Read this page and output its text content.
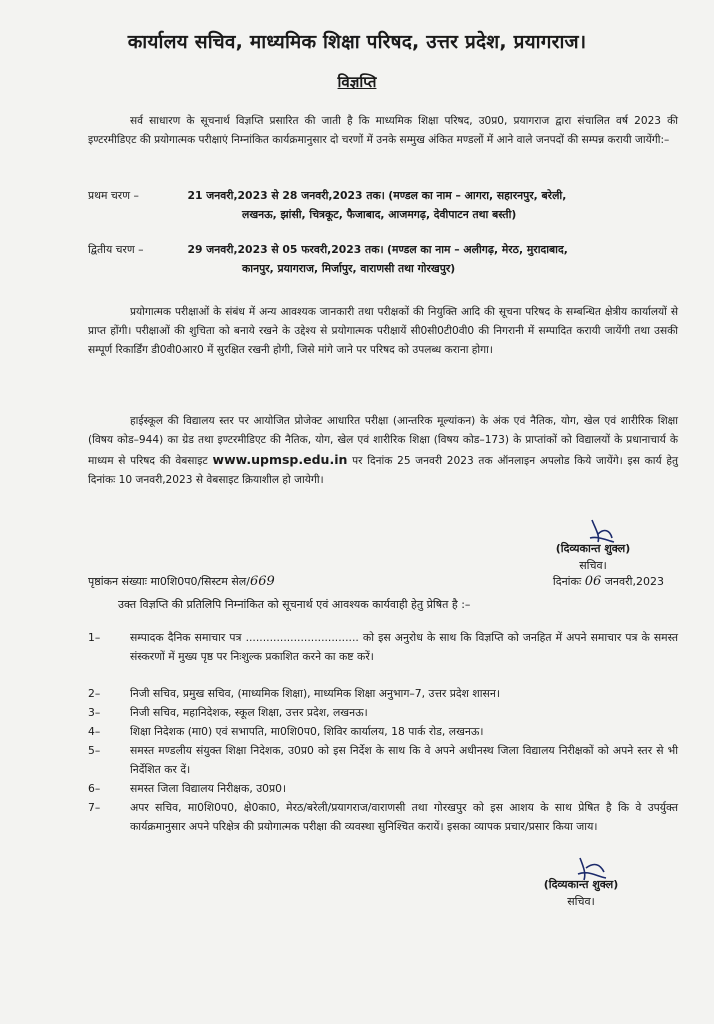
कार्यालय सचिव, माध्यमिक शिक्षा परिषद, उत्तर प्रदेश, प्रयागराज।
विज्ञप्ति
सर्व साधारण के सूचनार्थ विज्ञप्ति प्रसारित की जाती है कि माध्यमिक शिक्षा परिषद, उ0प्र0, प्रयागराज द्वारा संचालित वर्ष 2023 की इण्टरमीडिएट की प्रयोगात्मक परीक्षाएं निम्नांकित कार्यक्रमानुसार दो चरणों में उनके सम्मुख अंकित मण्डलों में आने वाले जनपदों की सम्पन्न करायी जायेंगी:–
प्रथम चरण –	21 जनवरी,2023 से 28 जनवरी,2023 तक। (मण्डल का नाम – आगरा, सहारनपुर, बरेली,
लखनऊ, झांसी, चित्रकूट, फैजाबाद, आजमगढ़, देवीपाटन तथा बस्ती)
द्वितीय चरण –	29 जनवरी,2023 से 05 फरवरी,2023 तक। (मण्डल का नाम – अलीगढ़, मेरठ, मुरादाबाद,
कानपुर, प्रयागराज, मिर्जापुर, वाराणसी तथा गोरखपुर)
प्रयोगात्मक परीक्षाओं के संबंध में अन्य आवश्यक जानकारी तथा परीक्षकों की नियुक्ति आदि की सूचना परिषद के सम्बन्धित क्षेत्रीय कार्यालयों से प्राप्त होंगी। परीक्षाओं की शुचिता को बनाये रखने के उद्देश्य से प्रयोगात्मक परीक्षायें सी0सी0टी0वी0 की निगरानी में सम्पादित करायी जायेंगी तथा उसकी सम्पूर्ण रिकार्डिंग डी0वी0आर0 में सुरक्षित रखनी होगी, जिसे मांगे जाने पर परिषद को उपलब्ध कराना होगा।
हाईस्कूल की विद्यालय स्तर पर आयोजित प्रोजेक्ट आधारित परीक्षा (आन्तरिक मूल्यांकन) के अंक एवं नैतिक, योग, खेल एवं शारीरिक शिक्षा (विषय कोड–944) का ग्रेड तथा इण्टरमीडिएट की नैतिक, योग, खेल एवं शारीरिक शिक्षा (विषय कोड–173) के प्राप्तांकों को विद्यालयों के प्रधानाचार्य के माध्यम से परिषद की वेबसाइट www.upmsp.edu.in पर दिनांक 25 जनवरी 2023 तक ऑनलाइन अपलोड किये जायेंगे। इस कार्य हेतु दिनांकः 10 जनवरी,2023 से वेबसाइट क्रियाशील हो जायेगी।
(दिव्यकान्त शुक्ल)
सचिव।
पृष्ठांकन संख्याः मा0शि0प0/सिस्टम सेल/669	दिनांकः 06 जनवरी,2023
उक्त विज्ञप्ति की प्रतिलिपि निम्नांकित को सूचनार्थ एवं आवश्यक कार्यवाही हेतु प्रेषित है :–
1–	सम्पादक दैनिक समाचार पत्र ................................. को इस अनुरोध के साथ कि विज्ञप्ति को जनहित में अपने समाचार पत्र के समस्त संस्करणों में मुख्य पृष्ठ पर निःशुल्क प्रकाशित करने का कष्ट करें।
2–	निजी सचिव, प्रमुख सचिव, (माध्यमिक शिक्षा), माध्यमिक शिक्षा अनुभाग–7, उत्तर प्रदेश शासन।
3–	निजी सचिव, महानिदेशक, स्कूल शिक्षा, उत्तर प्रदेश, लखनऊ।
4–	शिक्षा निदेशक (मा0) एवं सभापति, मा0शि0प0, शिविर कार्यालय, 18 पार्क रोड, लखनऊ।
5–	समस्त मण्डलीय संयुक्त शिक्षा निदेशक, उ0प्र0 को इस निर्देश के साथ कि वे अपने अधीनस्थ जिला विद्यालय निरीक्षकों को अपने स्तर से भी निर्देशित कर दें।
6–	समस्त जिला विद्यालय निरीक्षक, उ0प्र0।
7–	अपर सचिव, मा0शि0प0, क्षे0का0, मेरठ/बरेली/प्रयागराज/वाराणसी तथा गोरखपुर को इस आशय के साथ प्रेषित है कि वे उपर्युक्त कार्यक्रमानुसार अपने परिक्षेत्र की प्रयोगात्मक परीक्षा की व्यवस्था सुनिश्चित करायें। इसका व्यापक प्रचार/प्रसार किया जाय।
(दिव्यकान्त शुक्ल)
सचिव।
